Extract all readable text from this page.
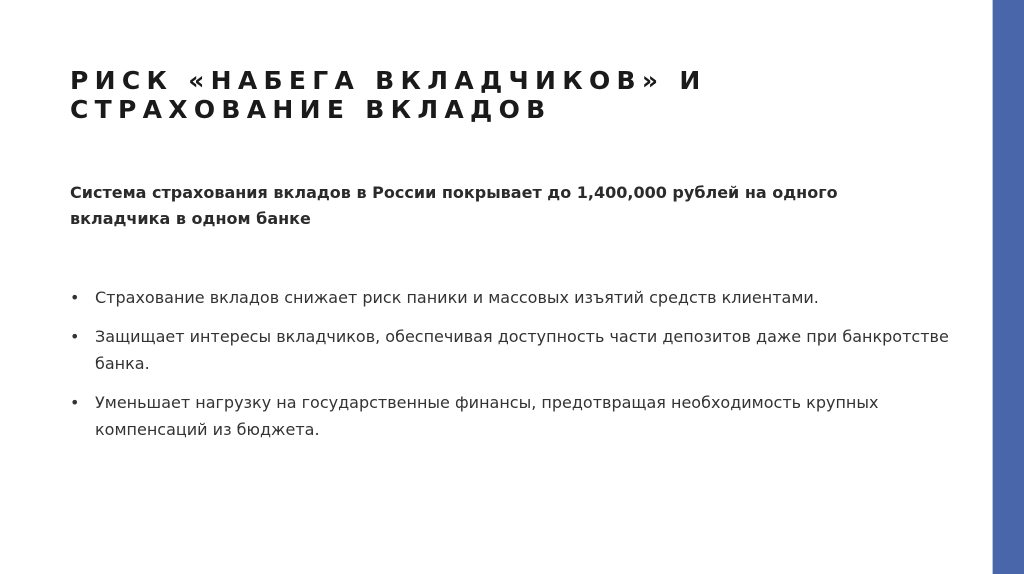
РИСК «НАБЕГА ВКЛАДЧИКОВ» И
СТРАХОВАНИЕ ВКЛАДОВ

Система страхования вкладов в России покрывает до 1,400,000 рублей на одного вкладчика в одном банке

• Страхование вкладов снижает риск паники и массовых изъятий средств клиентами.
• Защищает интересы вкладчиков, обеспечивая доступность части депозитов даже при банкротстве банка.
• Уменьшает нагрузку на государственные финансы, предотвращая необходимость крупных компенсаций из бюджета.
